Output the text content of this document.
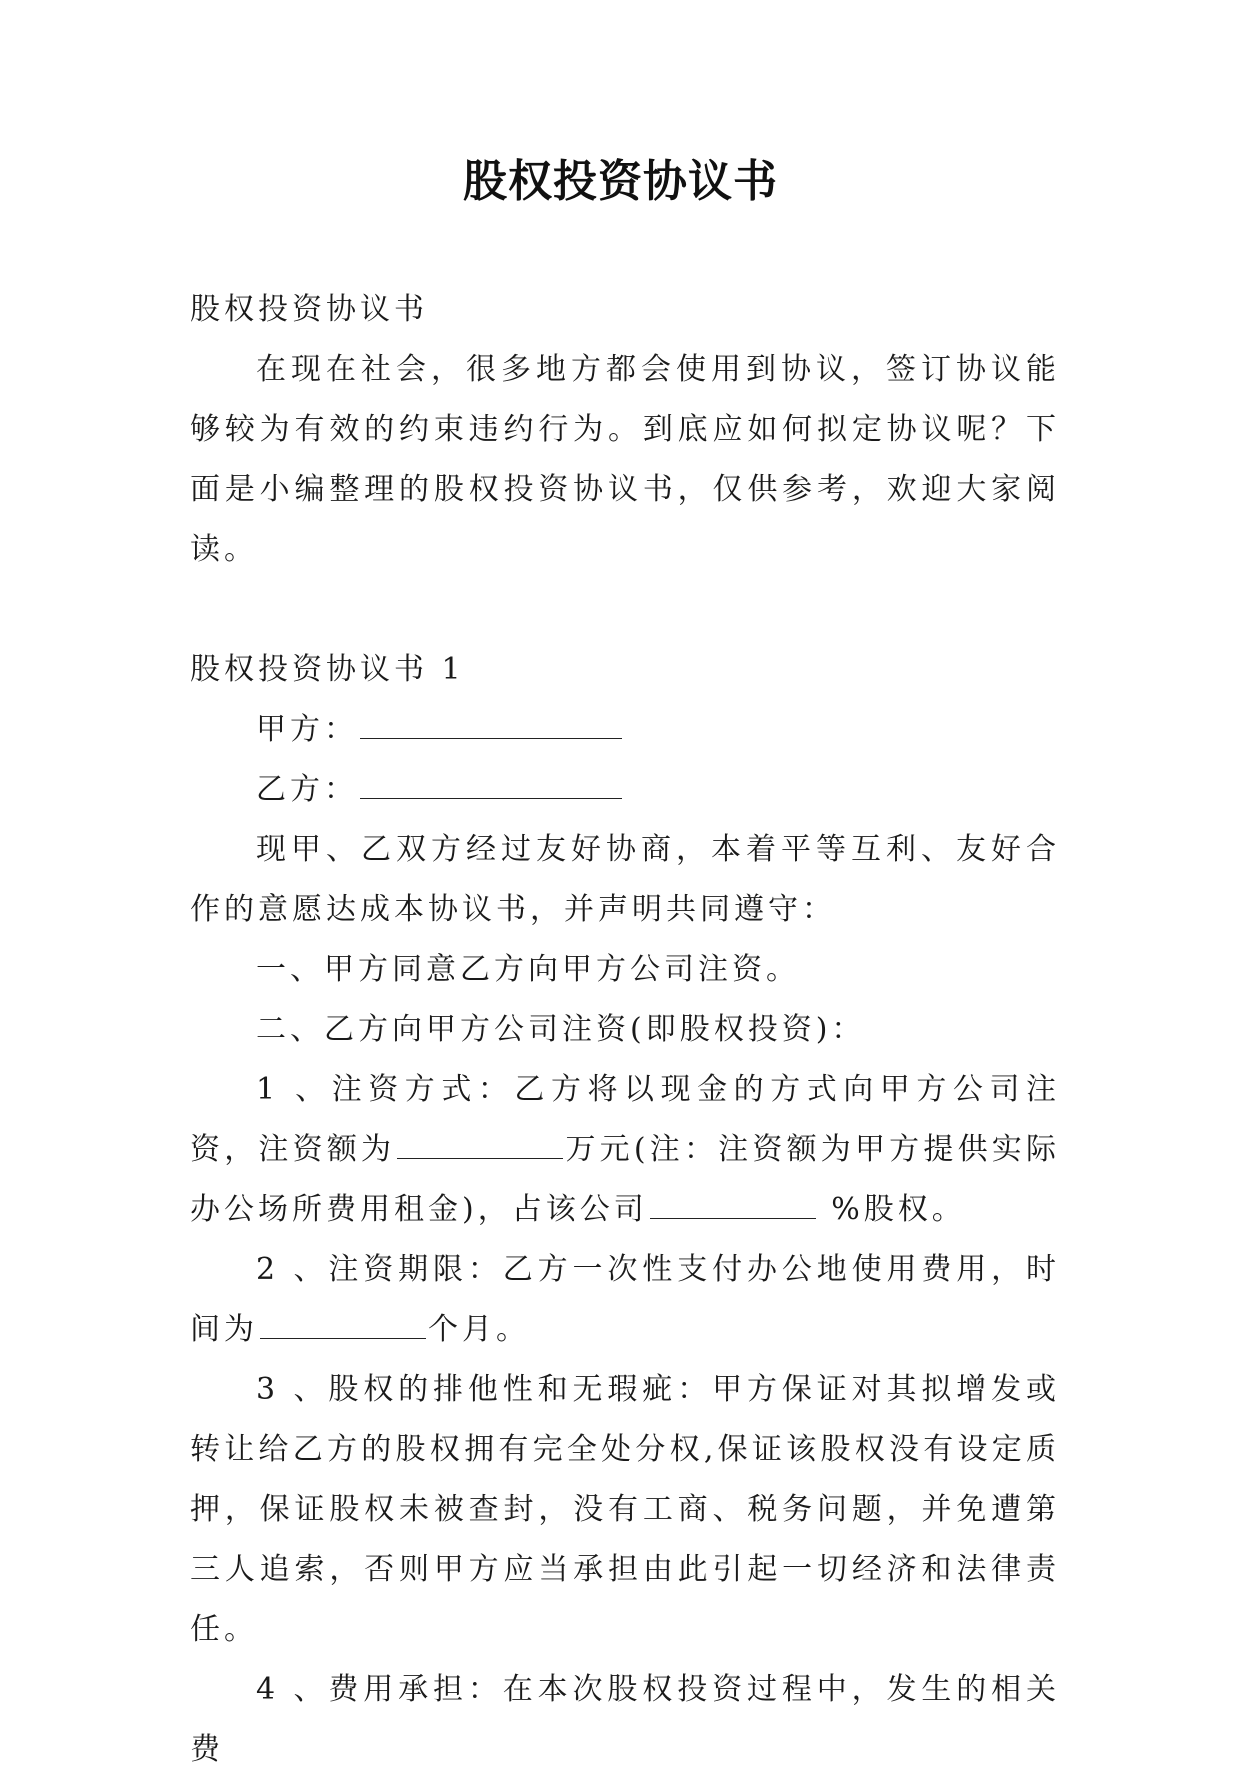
股权投资协议书

股权投资协议书

在现在社会，很多地方都会使用到协议，签订协议能够较为有效的约束违约行为。到底应如何拟定协议呢？下面是小编整理的股权投资协议书，仅供参考，欢迎大家阅读。

股权投资协议书 1

甲方：

乙方：

现甲、乙双方经过友好协商，本着平等互利、友好合作的意愿达成本协议书，并声明共同遵守：

一、甲方同意乙方向甲方公司注资。

二、乙方向甲方公司注资(即股权投资)：

1 、注资方式：乙方将以现金的方式向甲方公司注资，注资额为	万元(注：注资额为甲方提供实际办公场所费用租金)，占该公司	%股权。

2 、注资期限：乙方一次性支付办公地使用费用，时间为	个月。

3 、股权的排他性和无瑕疵：甲方保证对其拟增发或转让给乙方的股权拥有完全处分权,保证该股权没有设定质押，保证股权未被查封，没有工商、税务问题，并免遭第三人追索，否则甲方应当承担由此引起一切经济和法律责任。

4 、费用承担：在本次股权投资过程中，发生的相关费
